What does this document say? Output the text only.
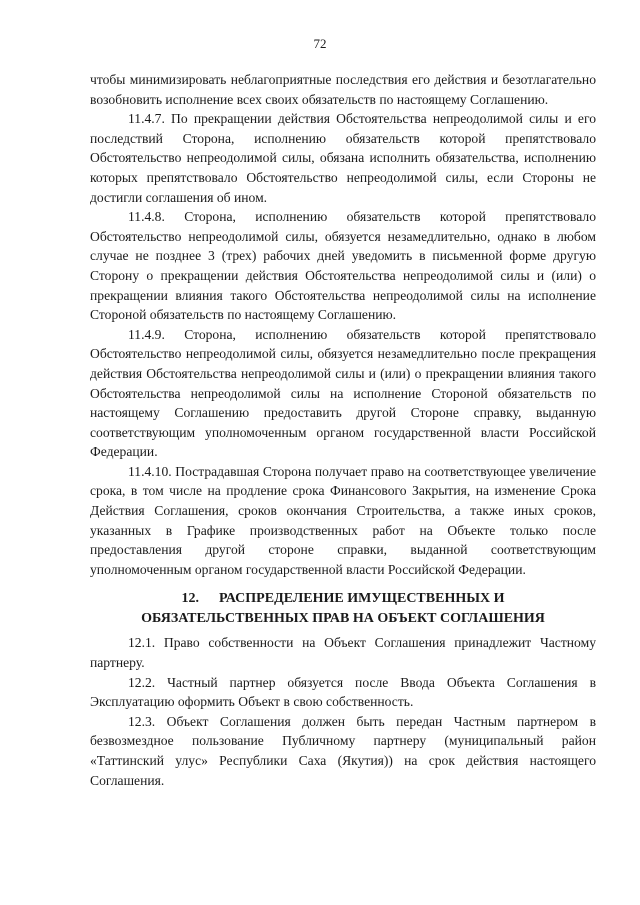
72

чтобы минимизировать неблагоприятные последствия его действия и безотлагательно возобновить исполнение всех своих обязательств по настоящему Соглашению.

11.4.7. По прекращении действия Обстоятельства непреодолимой силы и его последствий Сторона, исполнению обязательств которой препятствовало Обстоятельство непреодолимой силы, обязана исполнить обязательства, исполнению которых препятствовало Обстоятельство непреодолимой силы, если Стороны не достигли соглашения об ином.

11.4.8. Сторона, исполнению обязательств которой препятствовало Обстоятельство непреодолимой силы, обязуется незамедлительно, однако в любом случае не позднее 3 (трех) рабочих дней уведомить в письменной форме другую Сторону о прекращении действия Обстоятельства непреодолимой силы и (или) о прекращении влияния такого Обстоятельства непреодолимой силы на исполнение Стороной обязательств по настоящему Соглашению.

11.4.9. Сторона, исполнению обязательств которой препятствовало Обстоятельство непреодолимой силы, обязуется незамедлительно после прекращения действия Обстоятельства непреодолимой силы и (или) о прекращении влияния такого Обстоятельства непреодолимой силы на исполнение Стороной обязательств по настоящему Соглашению предоставить другой Стороне справку, выданную соответствующим уполномоченным органом государственной власти Российской Федерации.

11.4.10. Пострадавшая Сторона получает право на соответствующее увеличение срока, в том числе на продление срока Финансового Закрытия, на изменение Срока Действия Соглашения, сроков окончания Строительства, а также иных сроков, указанных в Графике производственных работ на Объекте только после предоставления другой стороне справки, выданной соответствующим уполномоченным органом государственной власти Российской Федерации.

12. РАСПРЕДЕЛЕНИЕ ИМУЩЕСТВЕННЫХ И
ОБЯЗАТЕЛЬСТВЕННЫХ ПРАВ НА ОБЪЕКТ СОГЛАШЕНИЯ

12.1. Право собственности на Объект Соглашения принадлежит Частному партнеру.

12.2. Частный партнер обязуется после Ввода Объекта Соглашения в Эксплуатацию оформить Объект в свою собственность.

12.3. Объект Соглашения должен быть передан Частным партнером в безвозмездное пользование Публичному партнеру (муниципальный район «Таттинский улус» Республики Саха (Якутия)) на срок действия настоящего Соглашения.
